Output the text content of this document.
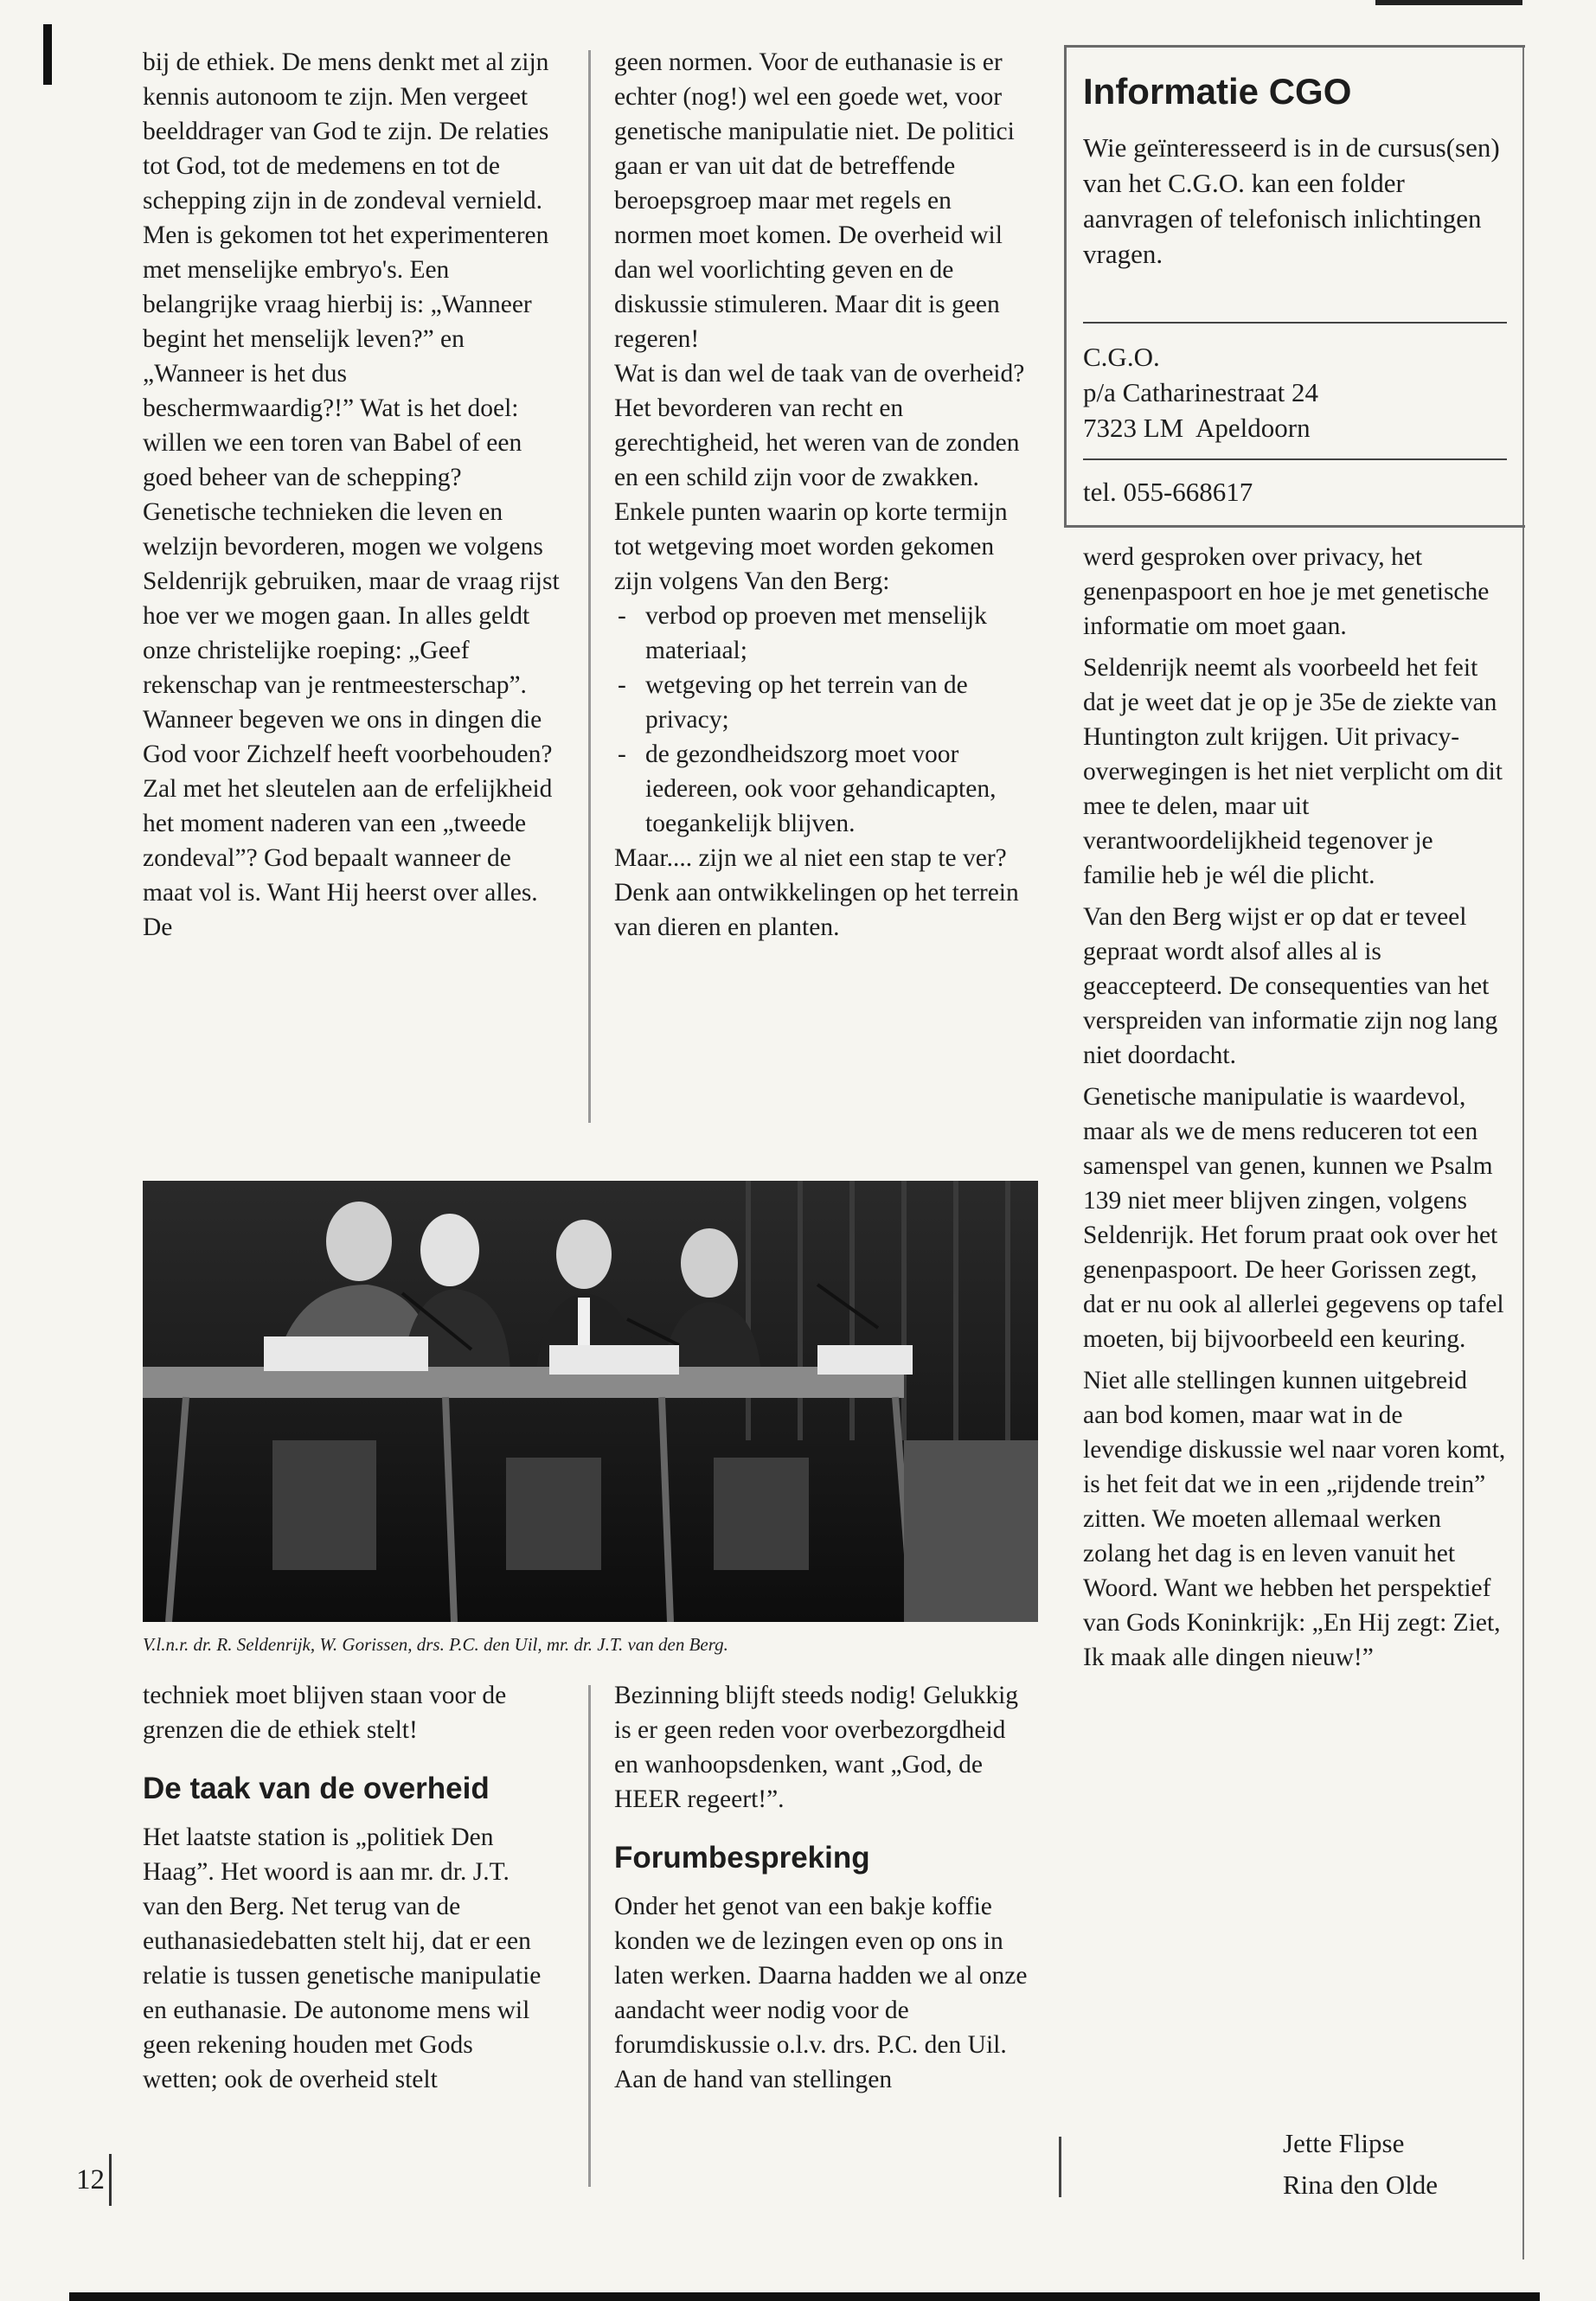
bij de ethiek. De mens denkt met al zijn kennis autonoom te zijn. Men vergeet beelddrager van God te zijn. De relaties tot God, tot de medemens en tot de schepping zijn in de zondeval vernield. Men is gekomen tot het experimenteren met menselijke embryo's. Een belangrijke vraag hierbij is: „Wanneer begint het menselijk leven?” en „Wanneer is het dus beschermwaardig?!” Wat is het doel: willen we een toren van Babel of een goed beheer van de schepping? Genetische technieken die leven en welzijn bevorderen, mogen we volgens Seldenrijk gebruiken, maar de vraag rijst hoe ver we mogen gaan. In alles geldt onze christelijke roeping: „Geef rekenschap van je rentmeesterschap”. Wanneer begeven we ons in dingen die God voor Zichzelf heeft voorbehouden? Zal met het sleutelen aan de erfelijkheid het moment naderen van een „tweede zondeval”? God bepaalt wanneer de maat vol is. Want Hij heerst over alles. De

geen normen. Voor de euthanasie is er echter (nog!) wel een goede wet, voor genetische manipulatie niet. De politici gaan er van uit dat de betreffende beroepsgroep maar met regels en normen moet komen. De overheid wil dan wel voorlichting geven en de diskussie stimuleren. Maar dit is geen regeren!

Wat is dan wel de taak van de overheid? Het bevorderen van recht en gerechtigheid, het weren van de zonden en een schild zijn voor de zwakken. Enkele punten waarin op korte termijn tot wetgeving moet worden gekomen zijn volgens Van den Berg:

- verbod op proeven met menselijk materiaal;
- wetgeving op het terrein van de privacy;
- de gezondheidszorg moet voor iedereen, ook voor gehandicapten, toegankelijk blijven.

Maar.... zijn we al niet een stap te ver? Denk aan ontwikkelingen op het terrein van dieren en planten.

Informatie CGO
Wie geïnteresseerd is in de cursus(sen) van het C.G.O. kan een folder aanvragen of telefonisch inlichtingen vragen.
C.G.O.
p/a Catharinestraat 24
7323 LM  Apeldoorn
tel. 055-668617

werd gesproken over privacy, het genenpaspoort en hoe je met genetische informatie om moet gaan.

Seldenrijk neemt als voorbeeld het feit dat je weet dat je op je 35e de ziekte van Huntington zult krijgen. Uit privacy-overwegingen is het niet verplicht om dit mee te delen, maar uit verantwoordelijkheid tegenover je familie heb je wél die plicht.

Van den Berg wijst er op dat er teveel gepraat wordt alsof alles al is geaccepteerd. De consequenties van het verspreiden van informatie zijn nog lang niet doordacht.

Genetische manipulatie is waardevol, maar als we de mens reduceren tot een samenspel van genen, kunnen we Psalm 139 niet meer blijven zingen, volgens Seldenrijk. Het forum praat ook over het genenpaspoort. De heer Gorissen zegt, dat er nu ook al allerlei gegevens op tafel moeten, bij bijvoorbeeld een keuring.

Niet alle stellingen kunnen uitgebreid aan bod komen, maar wat in de levendige diskussie wel naar voren komt, is het feit dat we in een „rijdende trein” zitten. We moeten allemaal werken zolang het dag is en leven vanuit het Woord. Want we hebben het perspektief van Gods Koninkrijk: „En Hij zegt: Ziet, Ik maak alle dingen nieuw!”

V.l.n.r. dr. R. Seldenrijk, W. Gorissen, drs. P.C. den Uil, mr. dr. J.T. van den Berg.

techniek moet blijven staan voor de grenzen die de ethiek stelt!

De taak van de overheid

Het laatste station is „politiek Den Haag”. Het woord is aan mr. dr. J.T. van den Berg. Net terug van de euthanasiedebatten stelt hij, dat er een relatie is tussen genetische manipulatie en euthanasie. De autonome mens wil geen rekening houden met Gods wetten; ook de overheid stelt

Bezinning blijft steeds nodig! Gelukkig is er geen reden voor overbezorgdheid en wanhoopsdenken, want „God, de HEER regeert!”.

Forumbespreking

Onder het genot van een bakje koffie konden we de lezingen even op ons in laten werken. Daarna hadden we al onze aandacht weer nodig voor de forumdiskussie o.l.v. drs. P.C. den Uil.

Aan de hand van stellingen

Jette Flipse
Rina den Olde
12
